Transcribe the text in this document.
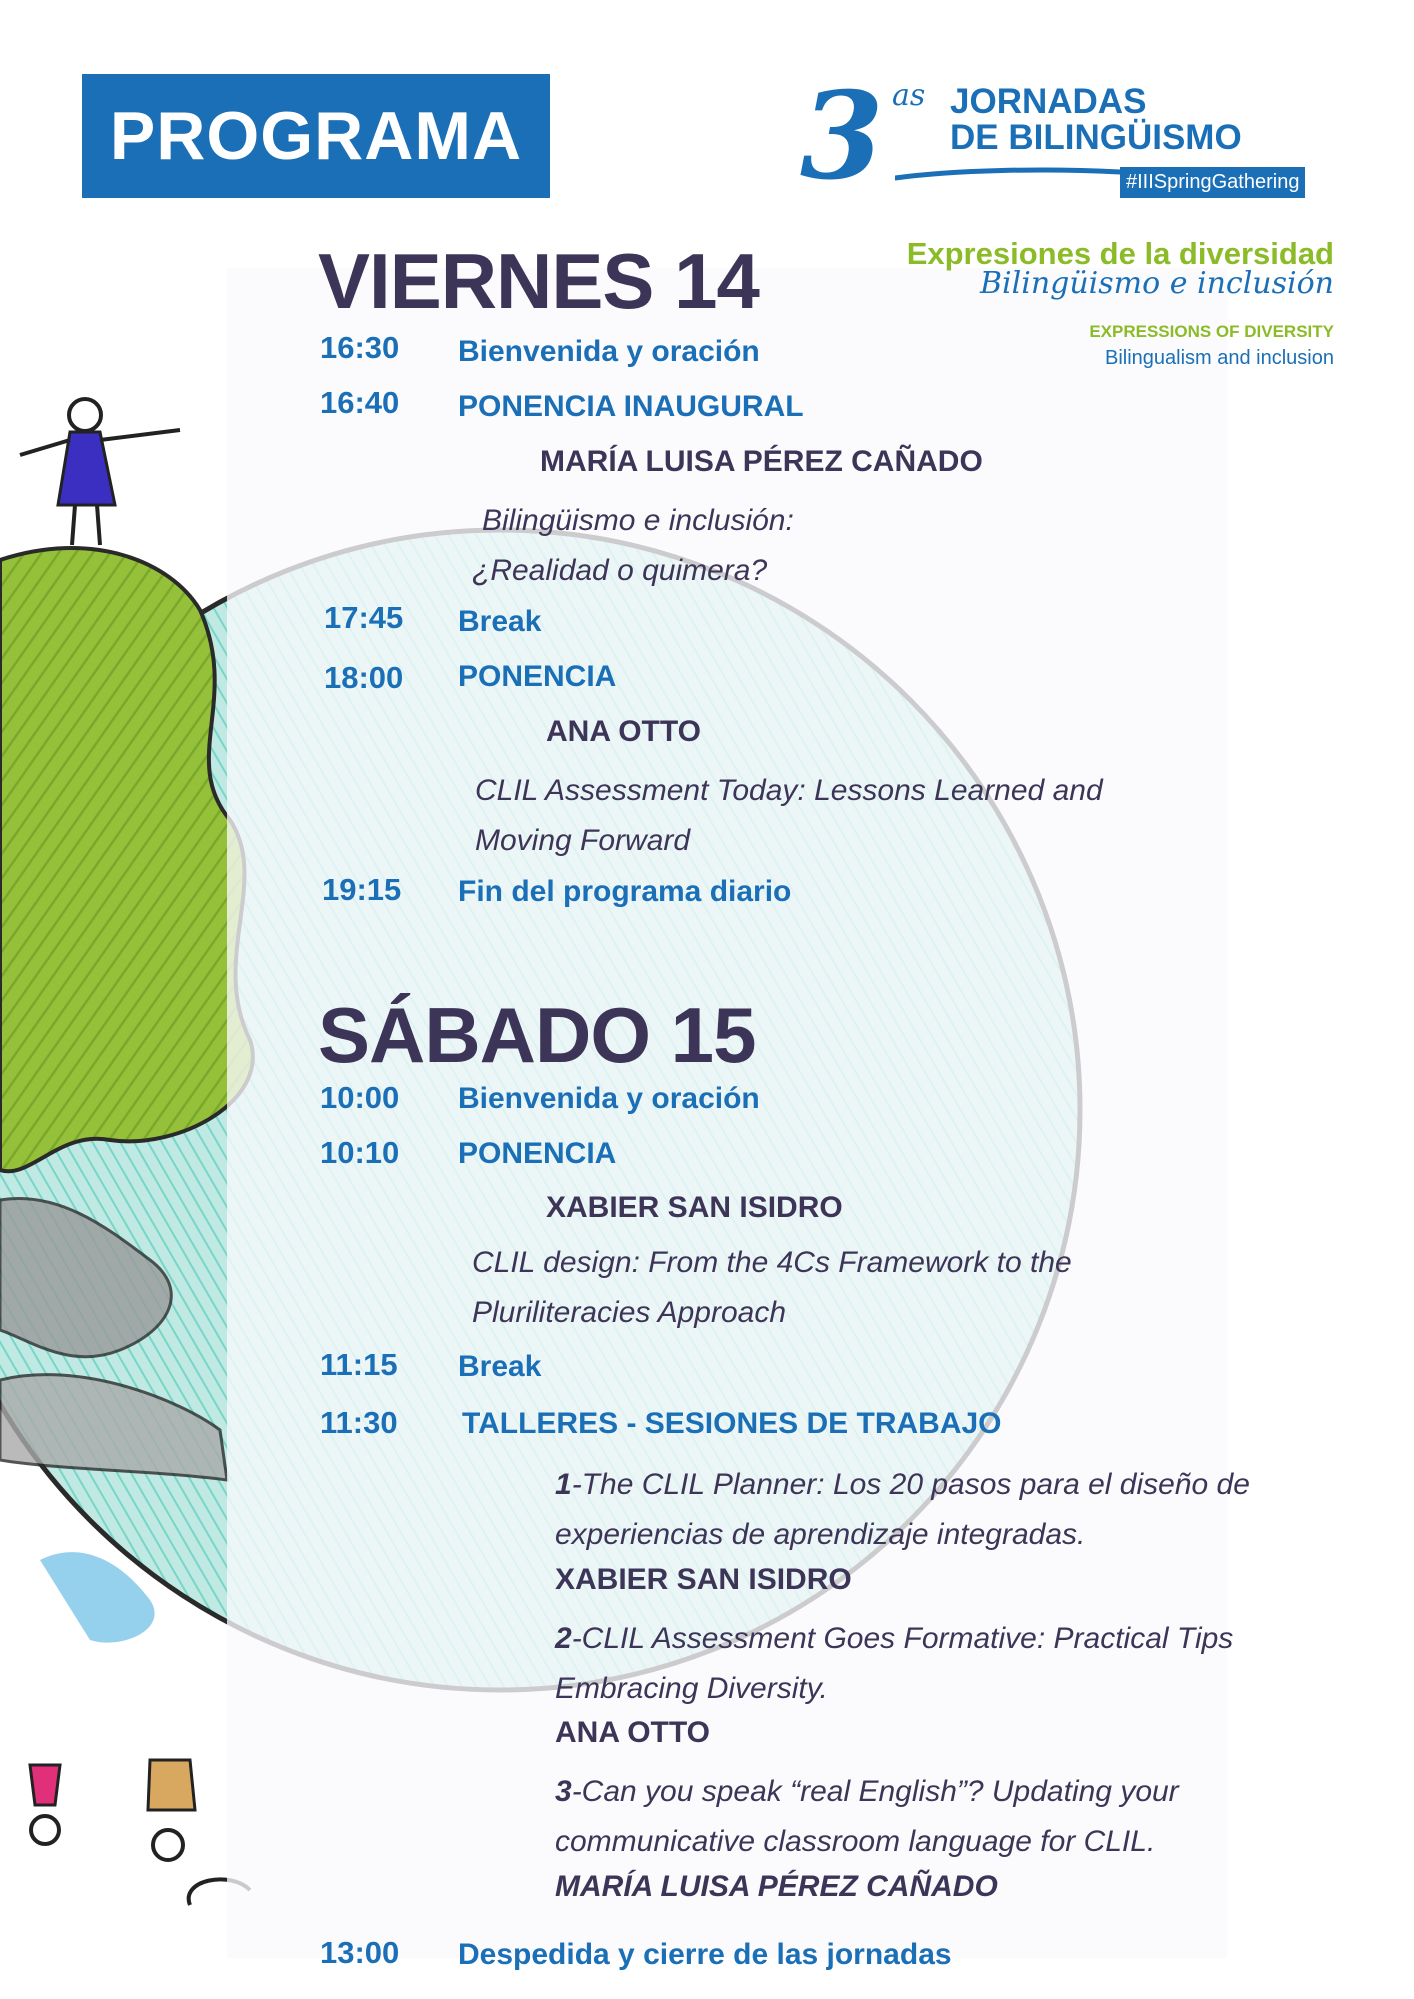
PROGRAMA 3 as JORNADAS
DE BILINGÜISMO
#IIISpringGathering
Expresiones de la diversidad
Bilingüismo e inclusión
EXPRESSIONS OF DIVERSITY
Bilingualism and inclusion
VIERNES 14
16:30 Bienvenida y oración
16:40 PONENCIA INAUGURAL
MARÍA LUISA PÉREZ CAÑADO
Bilingüismo e inclusión:
¿Realidad o quimera?
17:45 Break
18:00 PONENCIA
ANA OTTO
CLIL Assessment Today: Lessons Learned and
Moving Forward
19:15 Fin del programa diario
SÁBADO 15
10:00 Bienvenida y oración
10:10 PONENCIA
XABIER SAN ISIDRO
CLIL design: From the 4Cs Framework to the
Pluriliteracies Approach
11:15 Break
11:30 TALLERES - SESIONES DE TRABAJO
1-The CLIL Planner: Los 20 pasos para el diseño de
experiencias de aprendizaje integradas.
XABIER SAN ISIDRO
2-CLIL Assessment Goes Formative: Practical Tips
Embracing Diversity.
ANA OTTO
3-Can you speak “real English”? Updating your
communicative classroom language for CLIL.
MARÍA LUISA PÉREZ CAÑADO
13:00 Despedida y cierre de las jornadas
